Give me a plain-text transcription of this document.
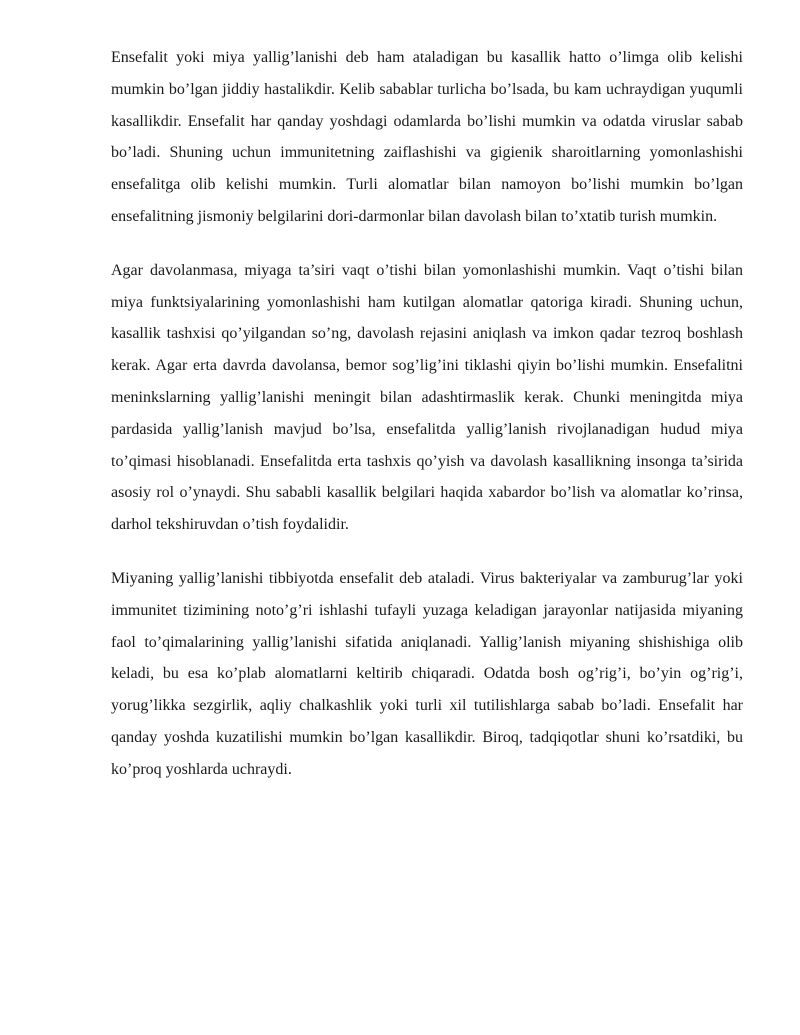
Ensefalit yoki miya yallig’lanishi deb ham ataladigan bu kasallik hatto o’limga olib kelishi mumkin bo’lgan jiddiy hastalikdir. Kelib sabablar turlicha bo’lsada, bu kam uchraydigan yuqumli kasallikdir. Ensefalit har qanday yoshdagi odamlarda bo’lishi mumkin va odatda viruslar sabab bo’ladi. Shuning uchun immunitetning zaiflashishi va gigienik sharoitlarning yomonlashishi ensefalitga olib kelishi mumkin. Turli alomatlar bilan namoyon bo’lishi mumkin bo’lgan ensefalitning jismoniy belgilarini dori-darmonlar bilan davolash bilan to’xtatib turish mumkin.

Agar davolanmasa, miyaga ta’siri vaqt o’tishi bilan yomonlashishi mumkin. Vaqt o’tishi bilan miya funktsiyalarining yomonlashishi ham kutilgan alomatlar qatoriga kiradi. Shuning uchun, kasallik tashxisi qo’yilgandan so’ng, davolash rejasini aniqlash va imkon qadar tezroq boshlash kerak. Agar erta davrda davolansa, bemor sog’lig’ini tiklashi qiyin bo’lishi mumkin. Ensefalitni meninkslarning yallig’lanishi meningit bilan adashtirmaslik kerak. Chunki meningitda miya pardasida yallig’lanish mavjud bo’lsa, ensefalitda yallig’lanish rivojlanadigan hudud miya to’qimasi hisoblanadi. Ensefalitda erta tashxis qo’yish va davolash kasallikning insonga ta’sirida asosiy rol o’ynaydi. Shu sababli kasallik belgilari haqida xabardor bo’lish va alomatlar ko’rinsa, darhol tekshiruvdan o’tish foydalidir.

Miyaning yallig’lanishi tibbiyotda ensefalit deb ataladi. Virus bakteriyalar va zamburug’lar yoki immunitet tizimining noto’g’ri ishlashi tufayli yuzaga keladigan jarayonlar natijasida miyaning faol to’qimalarining yallig’lanishi sifatida aniqlanadi. Yallig’lanish miyaning shishishiga olib keladi, bu esa ko’plab alomatlarni keltirib chiqaradi. Odatda bosh og’rig’i, bo’yin og’rig’i, yorug’likka sezgirlik, aqliy chalkashlik yoki turli xil tutilishlarga sabab bo’ladi. Ensefalit har qanday yoshda kuzatilishi mumkin bo’lgan kasallikdir. Biroq, tadqiqotlar shuni ko’rsatdiki, bu ko’proq yoshlarda uchraydi.
